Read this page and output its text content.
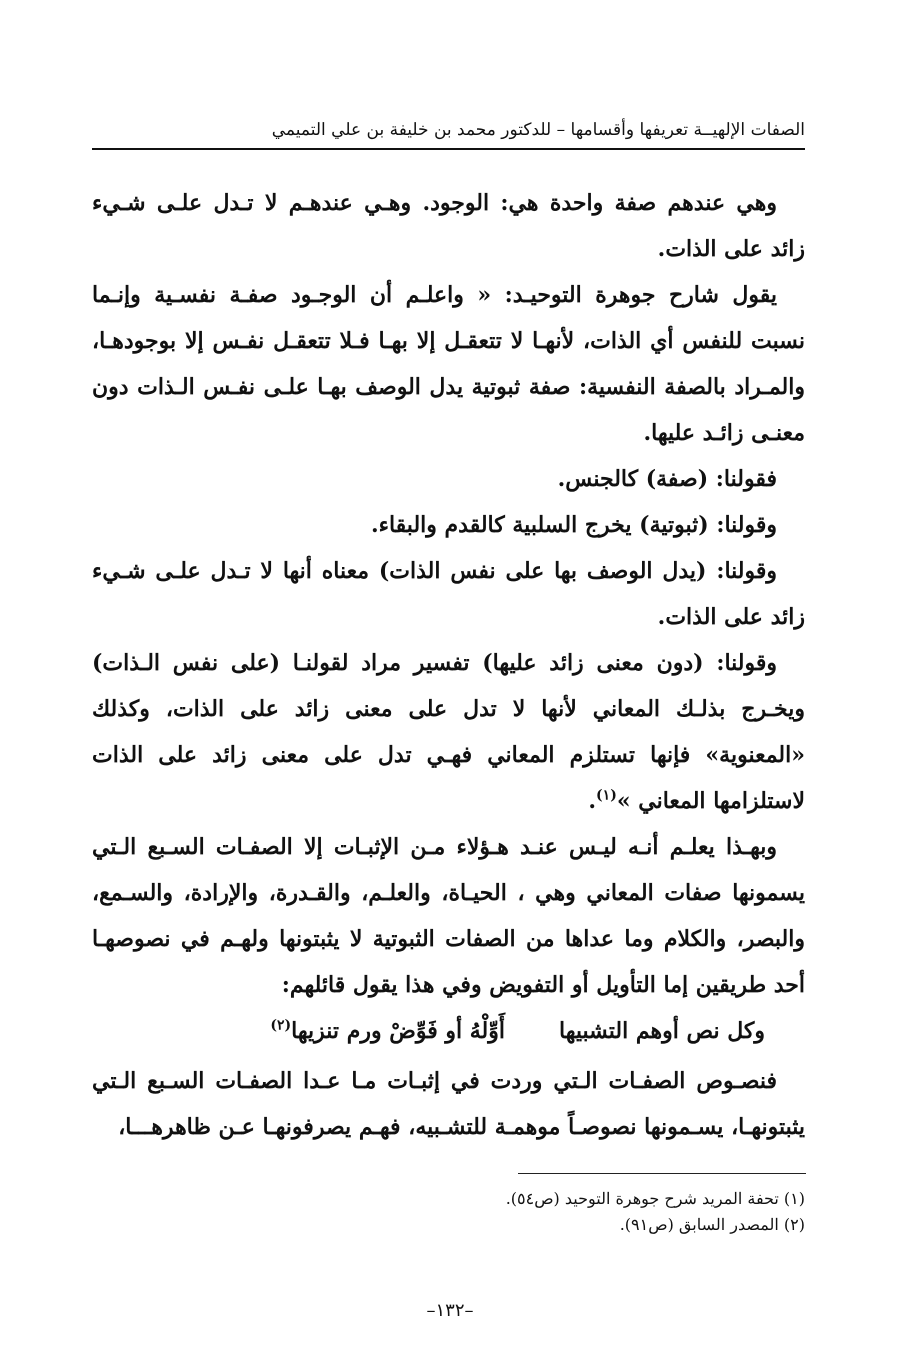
الصفات الإلهيــة تعريفها وأقسامها – للدكتور محمد بن خليفة بن علي التميمي

وهي عندهم صفة واحدة هي: الوجود. وهـي عندهـم لا تـدل علـى شـيء زائد على الذات.

يقول شارح جوهرة التوحيـد: « واعلـم أن الوجـود صفـة نفسـية وإنـما نسبت للنفس أي الذات، لأنهـا لا تتعقـل إلا بهـا فـلا تتعقـل نفـس إلا بوجودهـا، والمـراد بالصفة النفسية: صفة ثبوتية يدل الوصف بهـا علـى نفـس الـذات دون معنـى زائـد عليها.

فقولنا: (صفة) كالجنس.

وقولنا: (ثبوتية) يخرج السلبية كالقدم والبقاء.

وقولنا: (يدل الوصف بها على نفس الذات) معناه أنها لا تـدل علـى شـيء زائد على الذات.

وقولنا: (دون معنى زائد عليها) تفسير مراد لقولنـا (على نفس الـذات) ويخـرج بذلـك المعاني لأنها لا تدل على معنى زائد على الذات، وكذلك «المعنوية» فإنها تستلزم المعاني فهـي تدل على معنى زائد على الذات لاستلزامها المعاني »$^{(١)}$.

وبهـذا يعلـم أنـه ليـس عنـد هـؤلاء مـن الإثبـات إلا الصفـات السـبع الـتي يسمونها صفات المعاني وهي ، الحيـاة، والعلـم، والقـدرة، والإرادة، والسـمع، والبصر، والكلام وما عداها من الصفات الثبوتية لا يثبتونها ولهـم في نصوصهـا أحد طريقين إما التأويل أو التفويض وفي هذا يقول قائلهم:

وكل نص أوهم التشبيها
أَوِّلْهُ أو فَوِّضْ ورم تنزيها$^{(٢)}$

فنصـوص الصفـات الـتي وردت في إثبـات مـا عـدا الصفـات السـبع الـتي يثبتونهـا، يسـمونها نصوصـاً موهمـة للتشـبيه، فهـم يصرفونهـا عـن ظاهرهـــا،

(١) تحفة المريد شرح جوهرة التوحيد (ص٥٤).

(٢) المصدر السابق (ص٩١).

–١٣٢–
